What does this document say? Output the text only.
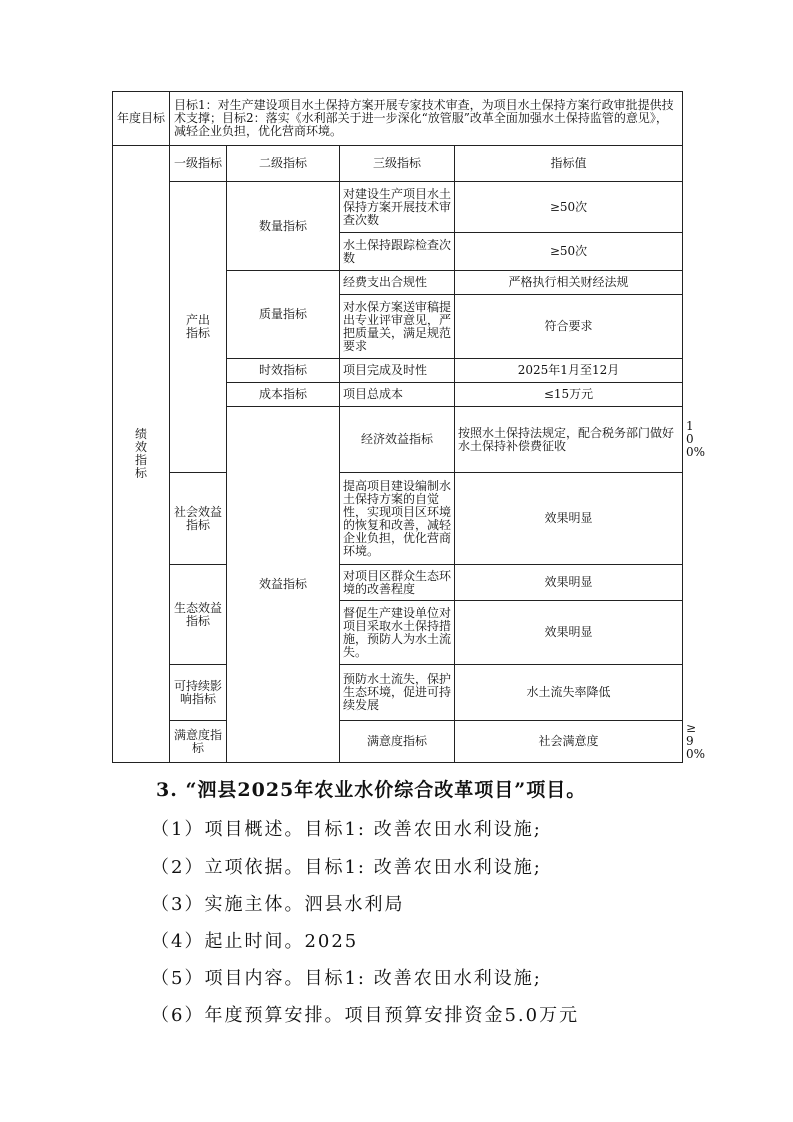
年度目标	目标1：对生产建设项目水土保持方案开展专家技术审查，为项目水土保持方案行政审批提供技术支撑；目标2：落实《水利部关于进一步深化“放管服”改革全面加强水土保持监管的意见》，减轻企业负担，优化营商环境。				
绩效指标	一级指标	二级指标	三级指标	指标值	
	产出指标	数量指标	对建设生产项目水土保持方案开展技术审查次数	≥50次	
			水土保持跟踪检查次数	≥50次	
		质量指标	经费支出合规性	严格执行相关财经法规	
			对水保方案送审稿提出专业评审意见，严把质量关，满足规范要求	符合要求	
		时效指标	项目完成及时性	2025年1月至12月	
		成本指标	项目总成本	≤15万元	
		效益指标	经济效益指标	按照水土保持法规定，配合税务部门做好水土保持补偿费征收	100%
	社会效益指标		提高项目建设编制水土保持方案的自觉性，实现项目区环境的恢复和改善，减轻企业负担，优化营商环境。	效果明显	
	生态效益指标		对项目区群众生态环境的改善程度	效果明显	
			督促生产建设单位对项目采取水土保持措施，预防人为水土流失。	效果明显	
	可持续影响指标		预防水土流失，保护生态环境，促进可持续发展	水土流失率降低	
	满意度指标		满意度指标	社会满意度	≥90%
3. “泗县2025年农业水价综合改革项目”项目。

（1）项目概述。目标1: 改善农田水利设施;

（2）立项依据。目标1: 改善农田水利设施;

（3）实施主体。泗县水利局

（4）起止时间。2025

（5）项目内容。目标1: 改善农田水利设施;

（6）年度预算安排。项目预算安排资金5.0万元
